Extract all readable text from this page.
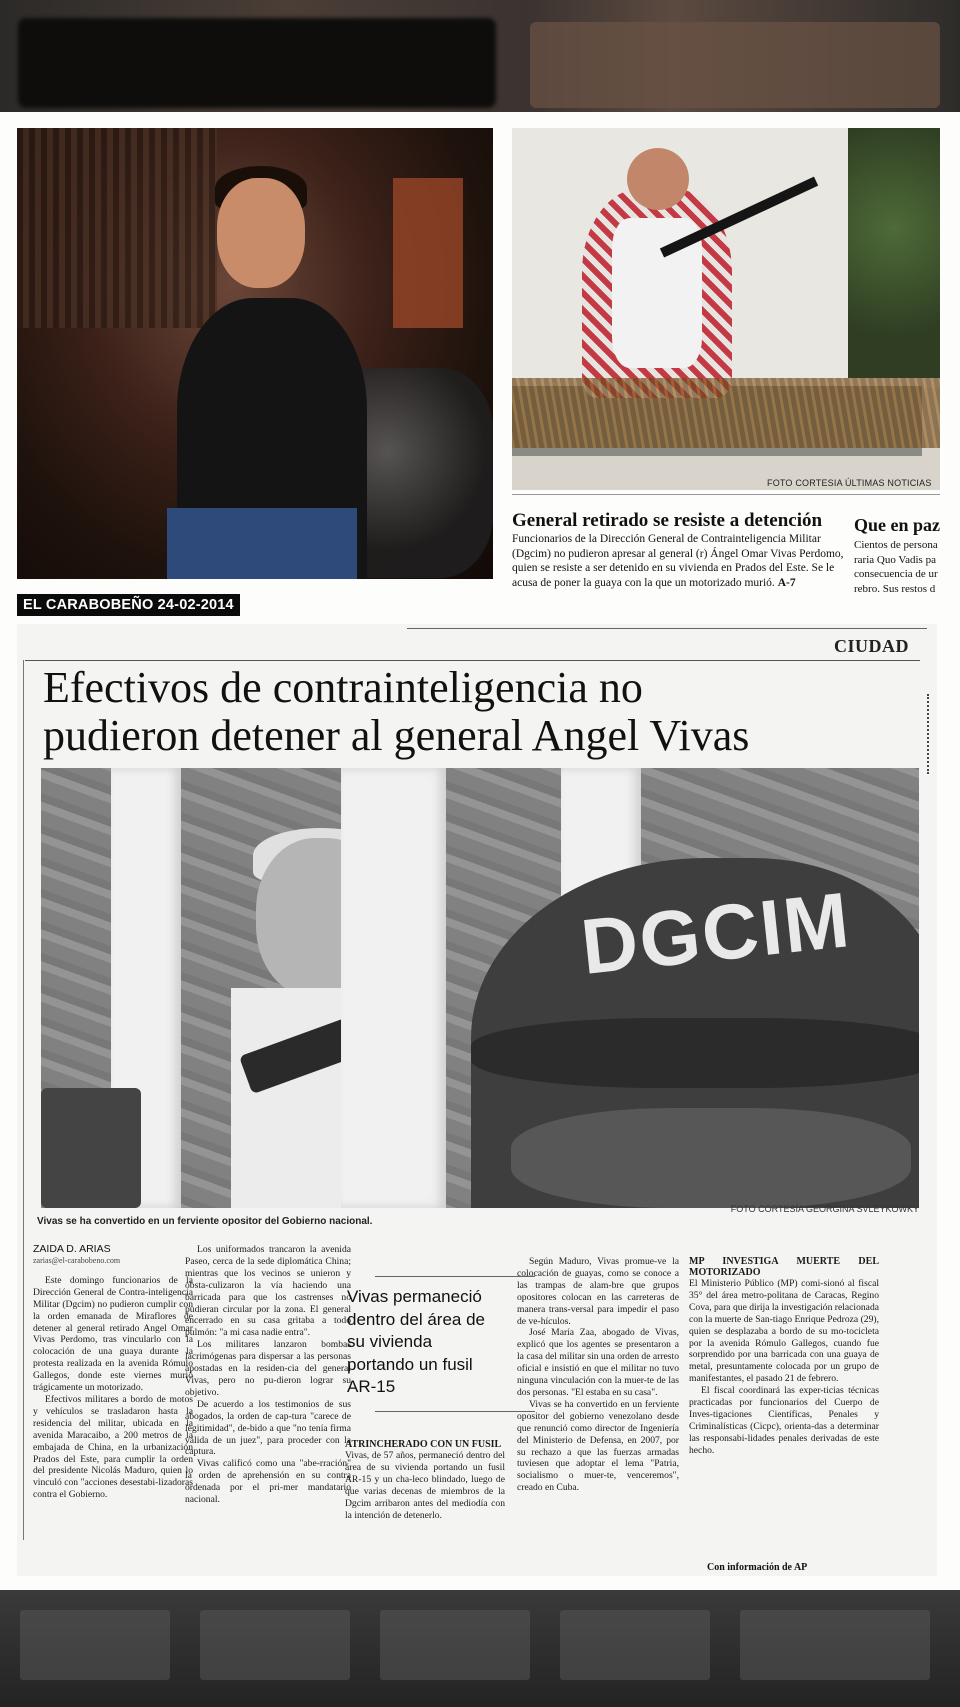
FOTO CORTESIA ÚLTIMAS NOTICIAS
General retirado se resiste a detención
Funcionarios de la Dirección General de Contrainteligencia Militar
(Dgcim) no pudieron apresar al general (r) Ángel Omar Vivas Perdomo,
quien se resiste a ser detenido en su vivienda en Prados del Este. Se le
acusa de poner la guaya con la que un motorizado murió. A-7
Que en paz
Cientos de persona
raria Quo Vadis pa
consecuencia de ur
rebro. Sus restos d
EL CARABOBEÑO 24-02-2014
CIUDAD
Efectivos de contrainteligencia no
pudieron detener al general Angel Vivas
DGCIM
FOTO CORTESÍA GEORGINA SVLEYKOWKY
Vivas se ha convertido en un ferviente opositor del Gobierno nacional.
ZAIDA D. ARIAS
zarias@el-carabobeno.com

Este domingo funcionarios de la Dirección General de Contra-inteligencia Militar (Dgcim) no pudieron cumplir con la orden emanada de Miraflores de detener al general retirado Angel Omar Vivas Perdomo, tras vincularlo con la colocación de una guaya durante la protesta realizada en la avenida Rómulo Gallegos, donde este viernes murió trágicamente un motorizado.

Efectivos militares a bordo de motos y vehículos se trasladaron hasta la residencia del militar, ubicada en la avenida Maracaibo, a 200 metros de la embajada de China, en la urbanización Prados del Este, para cumplir la orden del presidente Nicolás Maduro, quien lo vinculó con "acciones desestabi-lizadoras contra el Gobierno.

Los uniformados trancaron la avenida Paseo, cerca de la sede diplomática China; mientras que los vecinos se unieron y obsta-culizaron la vía haciendo una barricada para que los castrenses no pudieran circular por la zona. El general encerrado en su casa gritaba a todo pulmón: "a mi casa nadie entra".

Los militares lanzaron bombas lacrimógenas para dispersar a las personas apostadas en la residen-cia del general Vivas, pero no pu-dieron lograr su objetivo.

De acuerdo a los testimonios de sus abogados, la orden de cap-tura "carece de legitimidad", de-bido a que "no tenía firma válida de un juez", para proceder con la captura.

Vivas calificó como una "abe-rración" la orden de aprehensión en su contra ordenada por el pri-mer mandatario nacional.

Vivas permaneció dentro del área de su vivienda portando un fusil AR-15

ATRINCHERADO CON UN FUSIL

Vivas, de 57 años, permaneció dentro del área de su vivienda portando un fusil AR-15 y un cha-leco blindado, luego de que varias decenas de miembros de la Dgcim arribaron antes del mediodía con la intención de detenerlo.

Según Maduro, Vivas promue-ve la colocación de guayas, como se conoce a las trampas de alam-bre que grupos opositores colocan en las carreteras de manera trans-versal para impedir el paso de ve-hículos.

José María Zaa, abogado de Vivas, explicó que los agentes se presentaron a la casa del militar sin una orden de arresto oficial e insistió en que el militar no tuvo ninguna vinculación con la muer-te de las dos personas. "El estaba en su casa".

Vivas se ha convertido en un ferviente opositor del gobierno venezolano desde que renunció como director de Ingeniería del Ministerio de Defensa, en 2007, por su rechazo a que las fuerzas armadas tuviesen que adoptar el lema "Patria, socialismo o muer-te, venceremos", creado en Cuba.

MP INVESTIGA MUERTE DEL MOTORIZADO

El Ministerio Público (MP) comi-sionó al fiscal 35° del área metro-politana de Caracas, Regino Cova, para que dirija la investigación relacionada con la muerte de San-tiago Enrique Pedroza (29), quien se desplazaba a bordo de su mo-tocicleta por la avenida Rómulo Gallegos, cuando fue sorprendido por una barricada con una guaya de metal, presuntamente colocada por un grupo de manifestantes, el pasado 21 de febrero.

El fiscal coordinará las exper-ticias técnicas practicadas por funcionarios del Cuerpo de Inves-tigaciones Científicas, Penales y Criminalísticas (Cicpc), orienta-das a determinar las responsabi-lidades penales derivadas de este hecho.

Con información de AP
